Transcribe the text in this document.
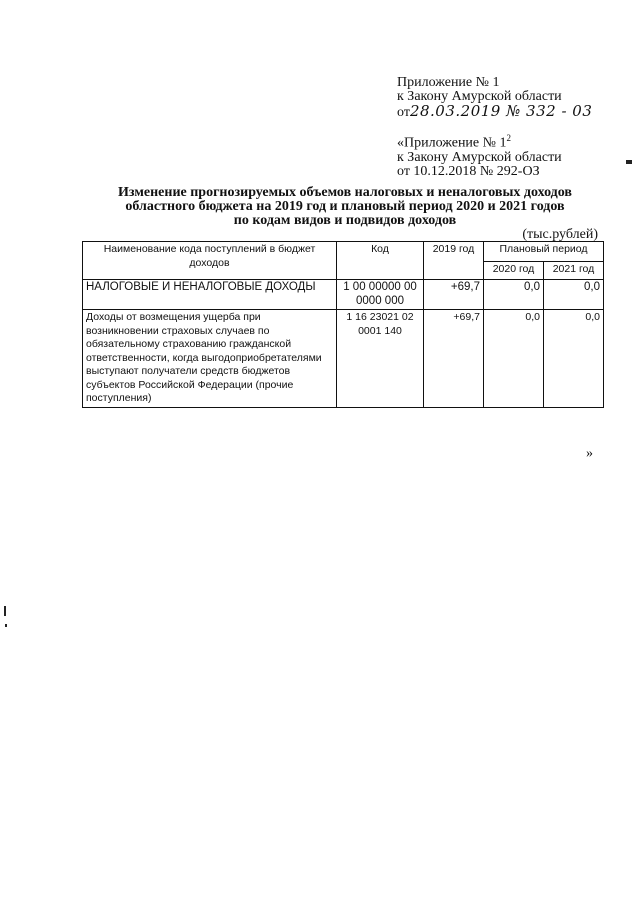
Приложение № 1
к Закону Амурской области
от28.03.2019 № 332 - 03
«Приложение № $1^2$
к Закону Амурской области
от 10.12.2018 № 292-ОЗ
Изменение прогнозируемых объемов налоговых и неналоговых доходов
областного бюджета на 2019 год и плановый период 2020 и 2021 годов
по кодам видов и подвидов доходов
(тыс.рублей)
Наименование кода поступлений в бюджет доходов	Код	2019 год	Плановый период	
			2020 год	2021 год
НАЛОГОВЫЕ И НЕНАЛОГОВЫЕ ДОХОДЫ	1 00 00000 00 0000 000	+69,7	0,0	0,0
Доходы от возмещения ущерба при возникновении страховых случаев по обязательному страхованию гражданской ответственности, когда выгодоприобретателями выступают получатели средств бюджетов субъектов Российской Федерации (прочие поступления)	1 16 23021 02 0001 140	+69,7	0,0	0,0
»
